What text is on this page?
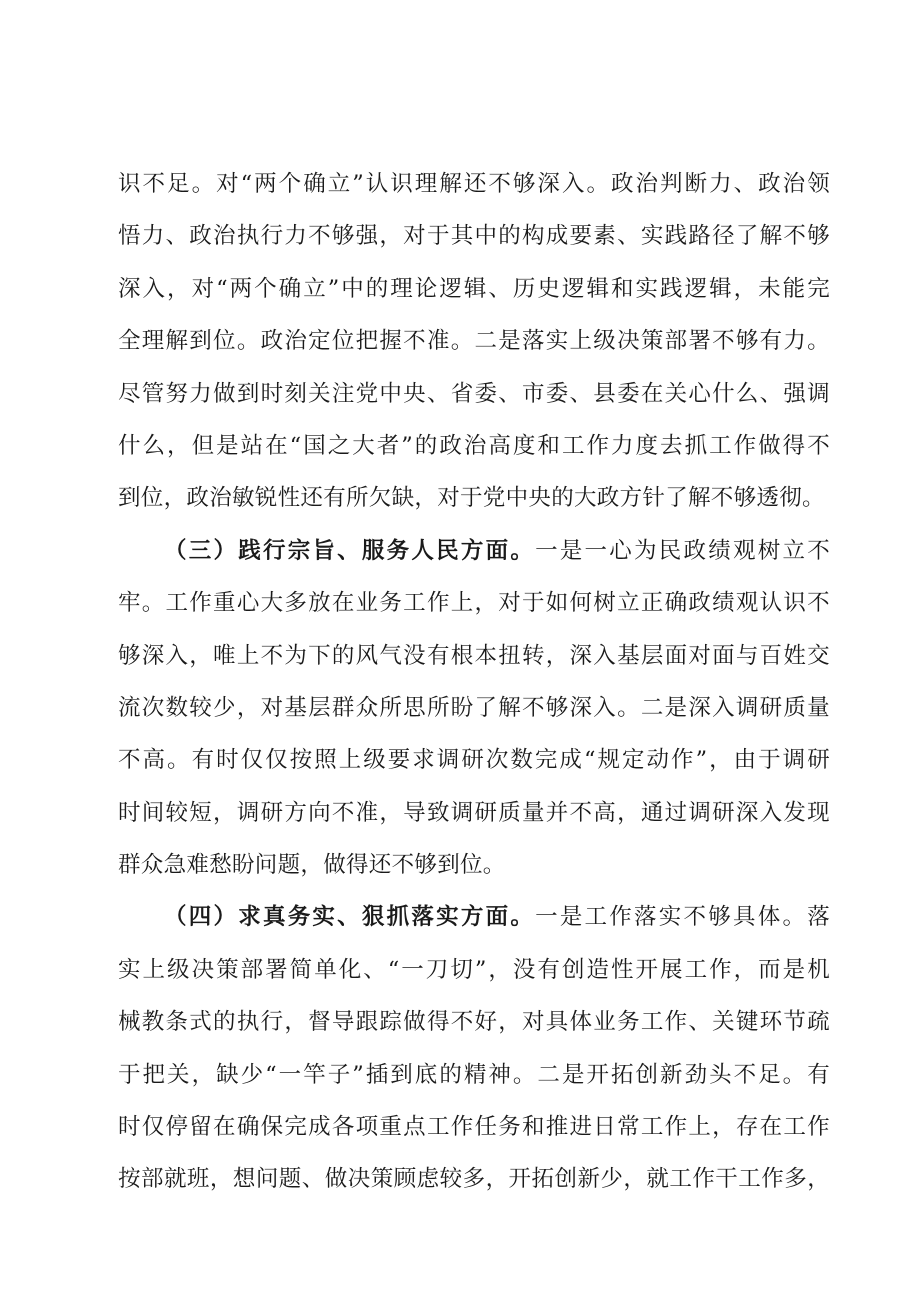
识不足。对“两个确立”认识理解还不够深入。政治判断力、政治领
悟力、政治执行力不够强，对于其中的构成要素、实践路径了解不够
深入，对“两个确立”中的理论逻辑、历史逻辑和实践逻辑，未能完
全理解到位。政治定位把握不准。二是落实上级决策部署不够有力。
尽管努力做到时刻关注党中央、省委、市委、县委在关心什么、强调
什么，但是站在“国之大者”的政治高度和工作力度去抓工作做得不
到位，政治敏锐性还有所欠缺，对于党中央的大政方针了解不够透彻。
（三）践行宗旨、服务人民方面。一是一心为民政绩观树立不
牢。工作重心大多放在业务工作上，对于如何树立正确政绩观认识不
够深入，唯上不为下的风气没有根本扭转，深入基层面对面与百姓交
流次数较少，对基层群众所思所盼了解不够深入。二是深入调研质量
不高。有时仅仅按照上级要求调研次数完成“规定动作”，由于调研
时间较短，调研方向不准，导致调研质量并不高，通过调研深入发现
群众急难愁盼问题，做得还不够到位。
（四）求真务实、狠抓落实方面。一是工作落实不够具体。落
实上级决策部署简单化、“一刀切”，没有创造性开展工作，而是机
械教条式的执行，督导跟踪做得不好，对具体业务工作、关键环节疏
于把关，缺少“一竿子”插到底的精神。二是开拓创新劲头不足。有
时仅停留在确保完成各项重点工作任务和推进日常工作上，存在工作
按部就班，想问题、做决策顾虑较多，开拓创新少，就工作干工作多，
